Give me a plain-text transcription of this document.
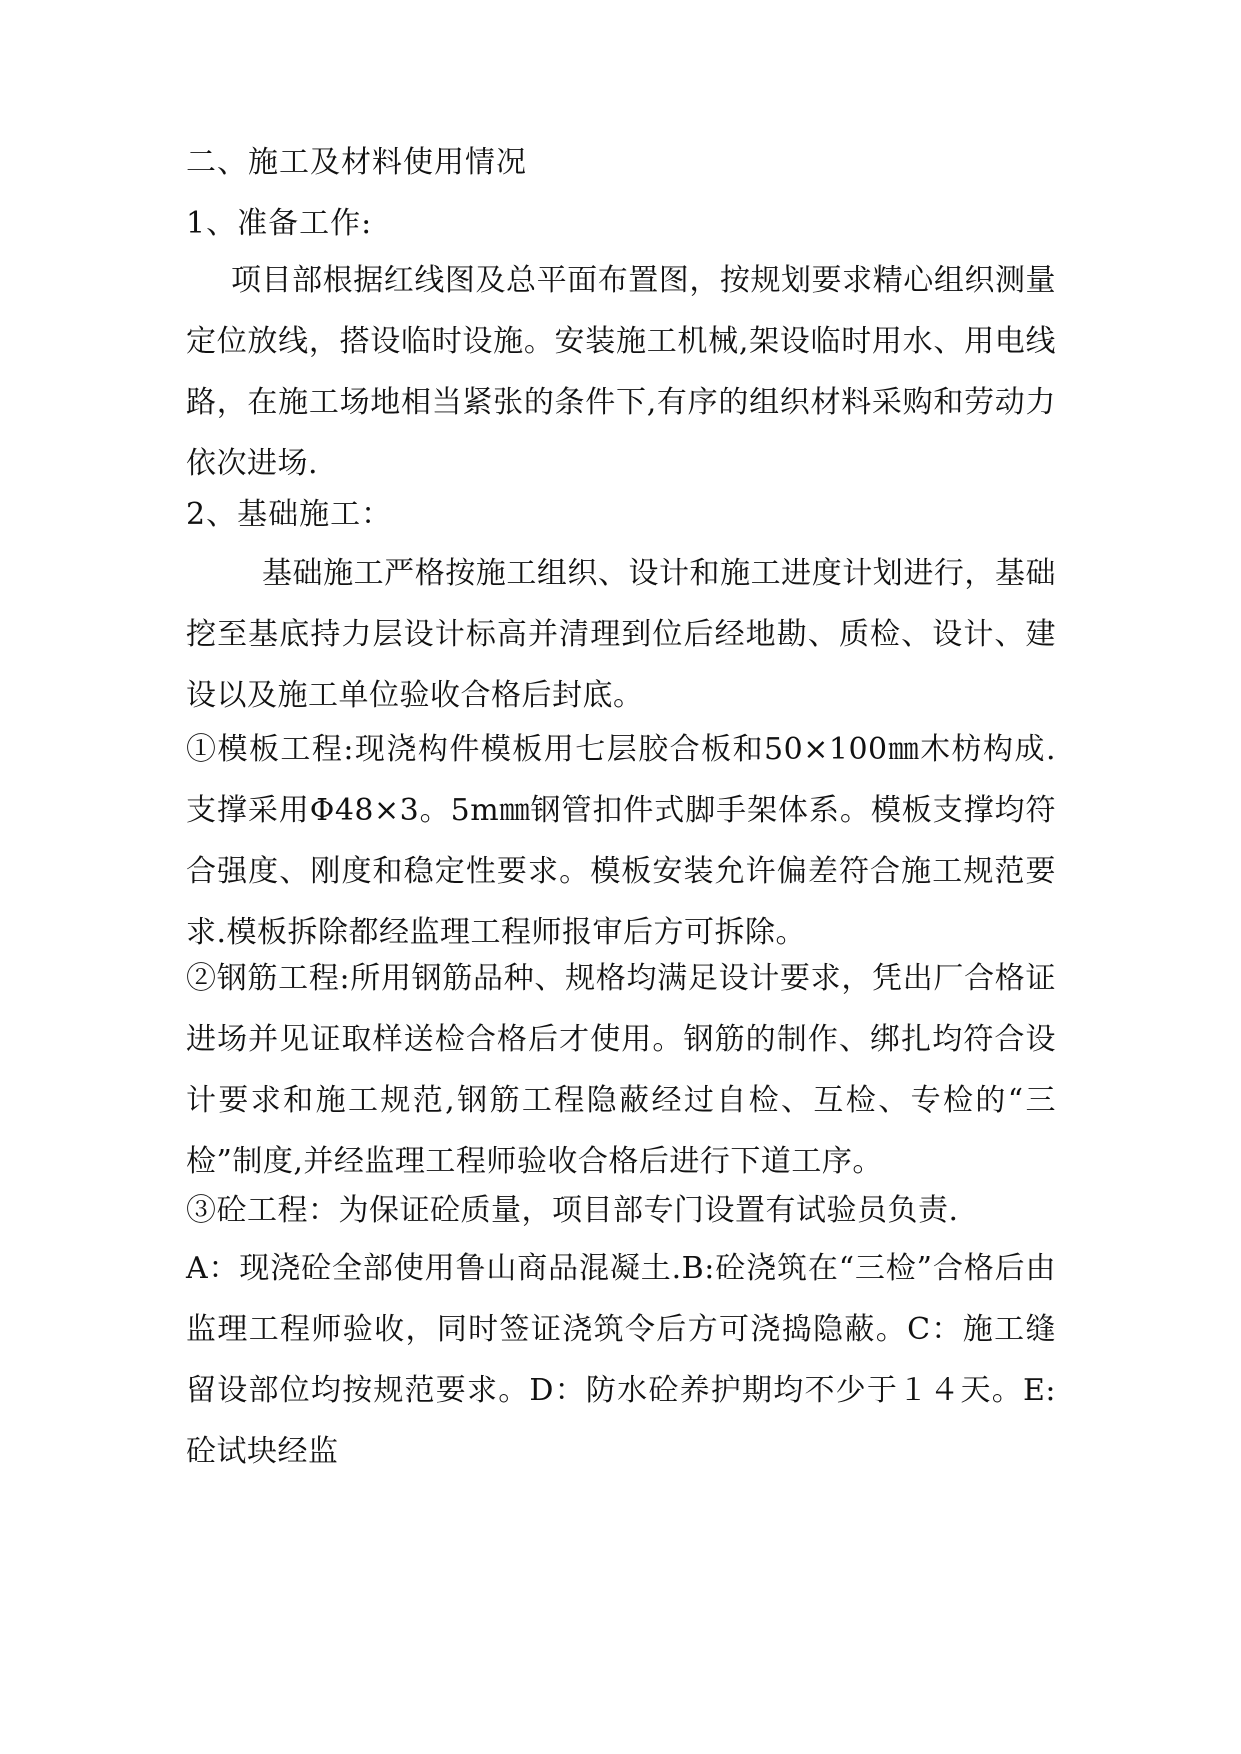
二、施工及材料使用情况

1、准备工作:

项目部根据红线图及总平面布置图，按规划要求精心组织测量定位放线，搭设临时设施。安装施工机械,架设临时用水、用电线路，在施工场地相当紧张的条件下,有序的组织材料采购和劳动力依次进场.

2、基础施工：

基础施工严格按施工组织、设计和施工进度计划进行，基础挖至基底持力层设计标高并清理到位后经地勘、质检、设计、建设以及施工单位验收合格后封底。

①模板工程:现浇构件模板用七层胶合板和50×100㎜木枋构成.支撑采用Φ48×3。5m㎜钢管扣件式脚手架体系。模板支撑均符合强度、刚度和稳定性要求。模板安装允许偏差符合施工规范要求.模板拆除都经监理工程师报审后方可拆除。

②钢筋工程:所用钢筋品种、规格均满足设计要求，凭出厂合格证进场并见证取样送检合格后才使用。钢筋的制作、绑扎均符合设计要求和施工规范,钢筋工程隐蔽经过自检、互检、专检的“三检”制度,并经监理工程师验收合格后进行下道工序。

③砼工程：为保证砼质量，项目部专门设置有试验员负责.

A：现浇砼全部使用鲁山商品混凝土.B:砼浇筑在“三检”合格后由监理工程师验收，同时签证浇筑令后方可浇捣隐蔽。C：施工缝留设部位均按规范要求。D：防水砼养护期均不少于１４天。E:砼试块经监
